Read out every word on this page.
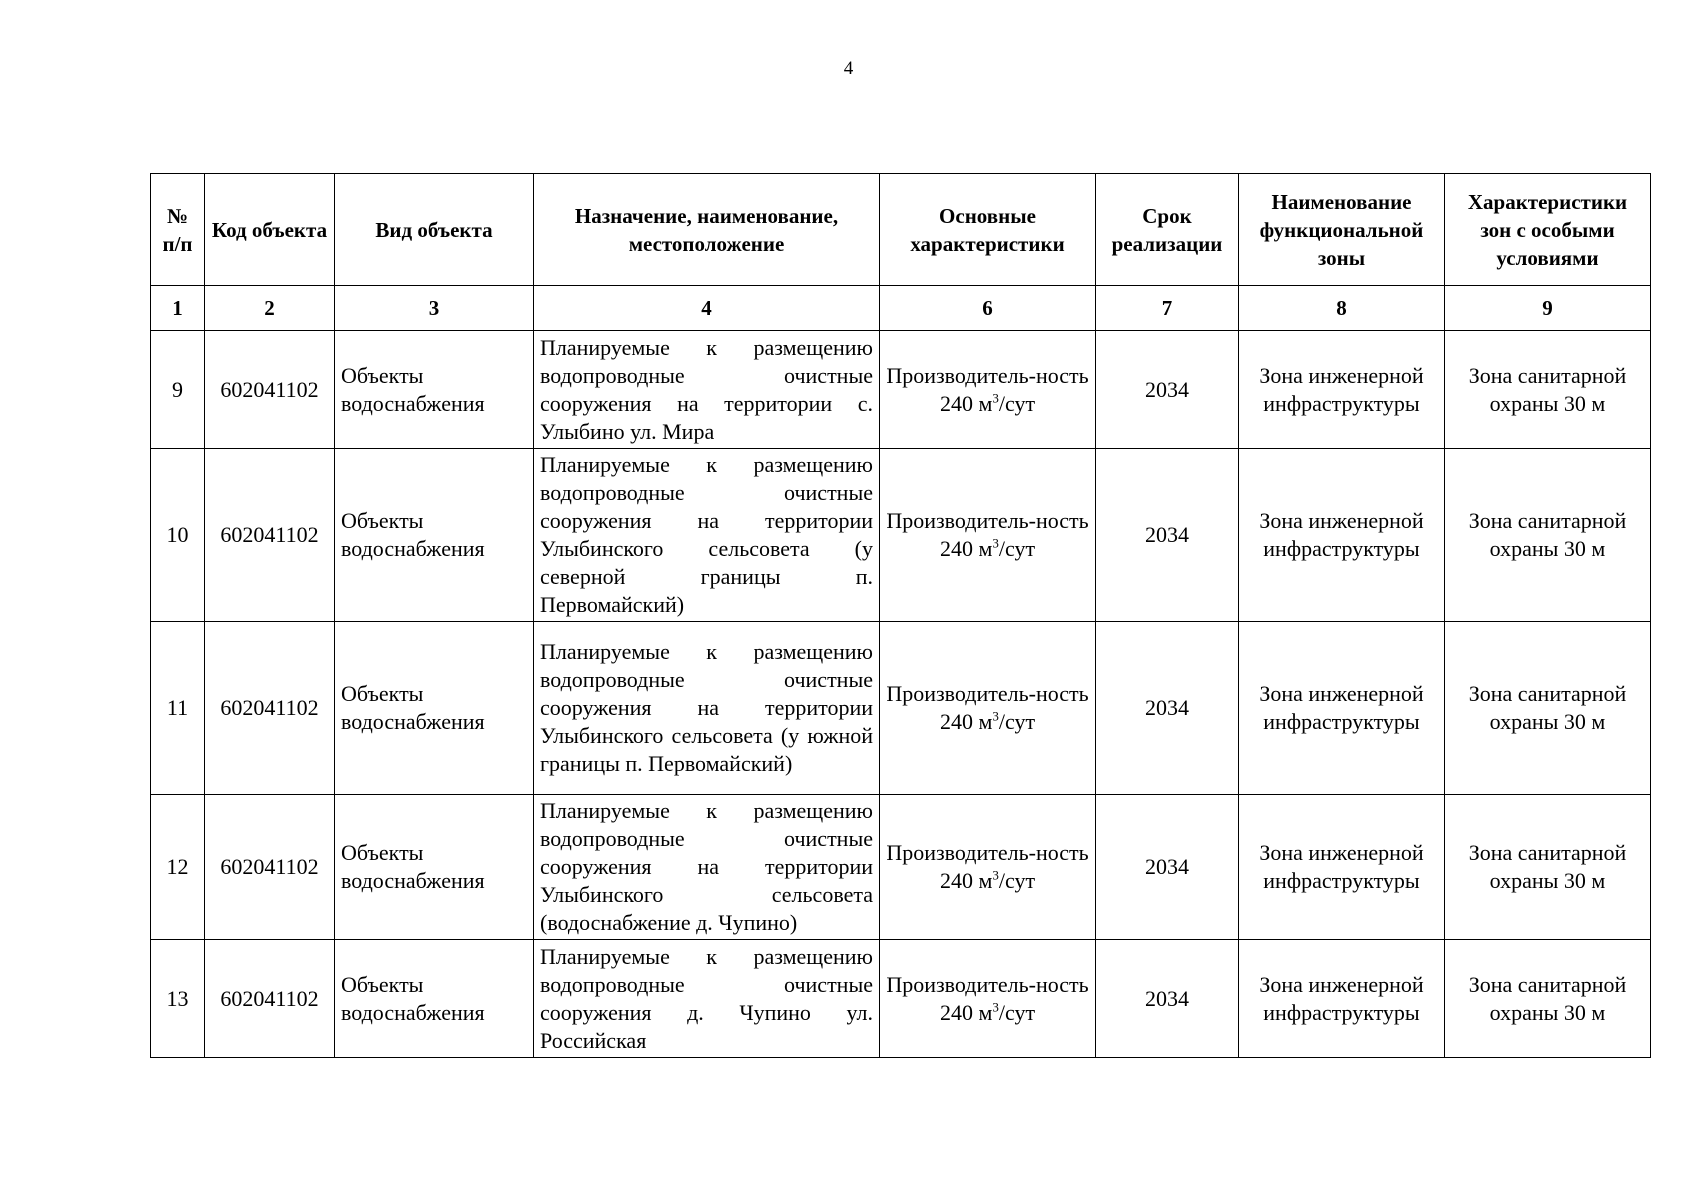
4
№ п/п	Код объекта	Вид объекта	Назначение, наименование, местоположение	Основные характеристики	Срок реализации	Наименование функциональной зоны	Характеристики зон с особыми условиями
1	2	3	4	6	7	8	9
9	602041102	Объекты водоснабжения	Планируемые к размещению водопроводные очистные сооружения на территории с. Улыбино ул. Мира	Производитель-ность 240 $м^3$/сут	2034	Зона инженерной инфраструктуры	Зона санитарной охраны 30 м
10	602041102	Объекты водоснабжения	Планируемые к размещению водопроводные очистные сооружения на территории Улыбинского сельсовета (у северной границы п. Первомайский)	Производитель-ность 240 $м^3$/сут	2034	Зона инженерной инфраструктуры	Зона санитарной охраны 30 м
11	602041102	Объекты водоснабжения	Планируемые к размещению водопроводные очистные сооружения на территории Улыбинского сельсовета (у южной границы п. Первомайский)	Производитель-ность 240 $м^3$/сут	2034	Зона инженерной инфраструктуры	Зона санитарной охраны 30 м
12	602041102	Объекты водоснабжения	Планируемые к размещению водопроводные очистные сооружения на территории Улыбинского сельсовета (водоснабжение д. Чупино)	Производитель-ность 240 $м^3$/сут	2034	Зона инженерной инфраструктуры	Зона санитарной охраны 30 м
13	602041102	Объекты водоснабжения	Планируемые к размещению водопроводные очистные сооружения д. Чупино ул. Российская	Производитель-ность 240 $м^3$/сут	2034	Зона инженерной инфраструктуры	Зона санитарной охраны 30 м
